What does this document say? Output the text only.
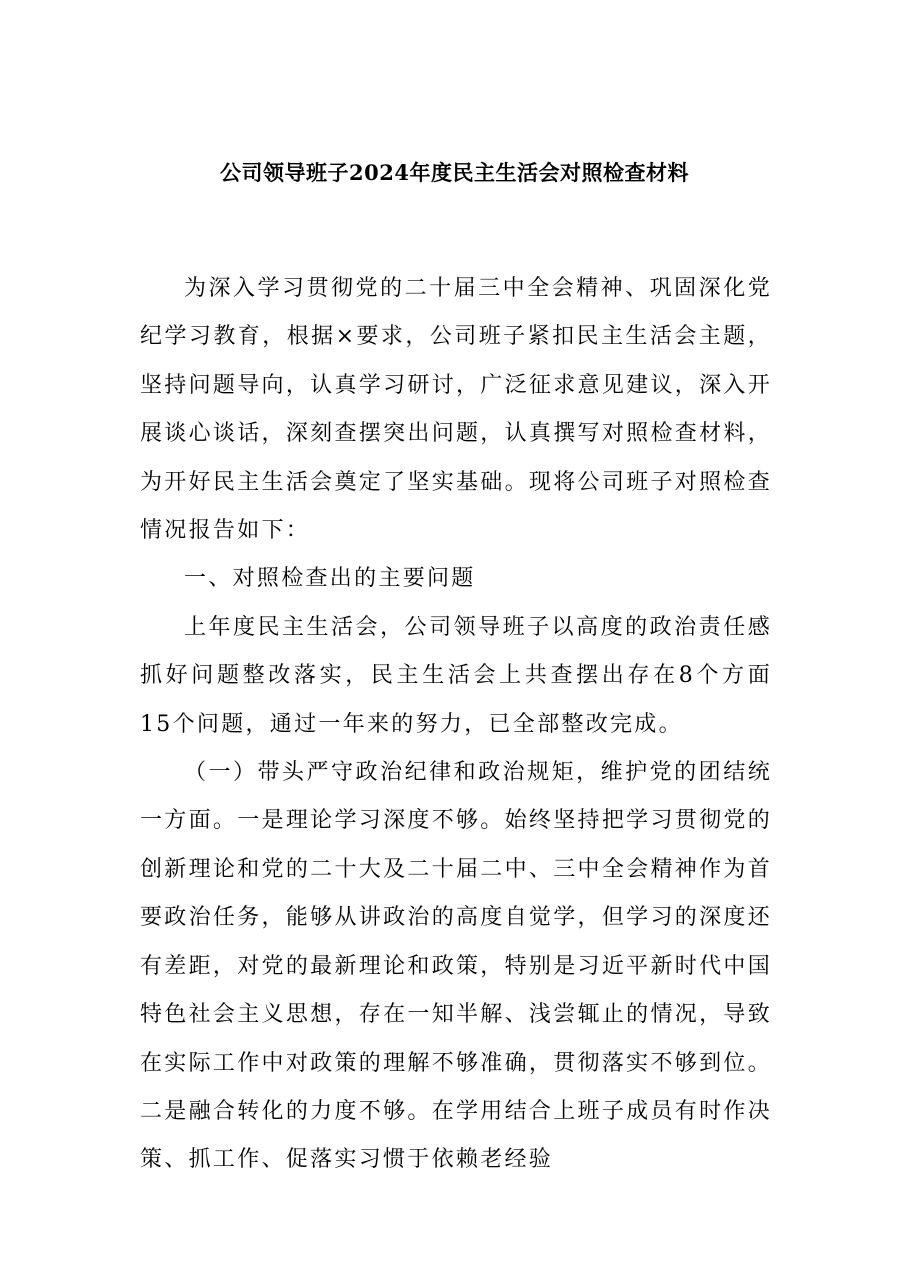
公司领导班子2024年度民主生活会对照检查材料

为深入学习贯彻党的二十届三中全会精神、巩固深化党纪学习教育，根据×要求，公司班子紧扣民主生活会主题，坚持问题导向，认真学习研讨，广泛征求意见建议，深入开展谈心谈话，深刻查摆突出问题，认真撰写对照检查材料，为开好民主生活会奠定了坚实基础。现将公司班子对照检查情况报告如下：

一、对照检查出的主要问题

上年度民主生活会，公司领导班子以高度的政治责任感抓好问题整改落实，民主生活会上共查摆出存在8个方面15个问题，通过一年来的努力，已全部整改完成。

（一）带头严守政治纪律和政治规矩，维护党的团结统一方面。一是理论学习深度不够。始终坚持把学习贯彻党的创新理论和党的二十大及二十届二中、三中全会精神作为首要政治任务，能够从讲政治的高度自觉学，但学习的深度还有差距，对党的最新理论和政策，特别是习近平新时代中国特色社会主义思想，存在一知半解、浅尝辄止的情况，导致在实际工作中对政策的理解不够准确，贯彻落实不够到位。二是融合转化的力度不够。在学用结合上班子成员有时作决策、抓工作、促落实习惯于依赖老经验
